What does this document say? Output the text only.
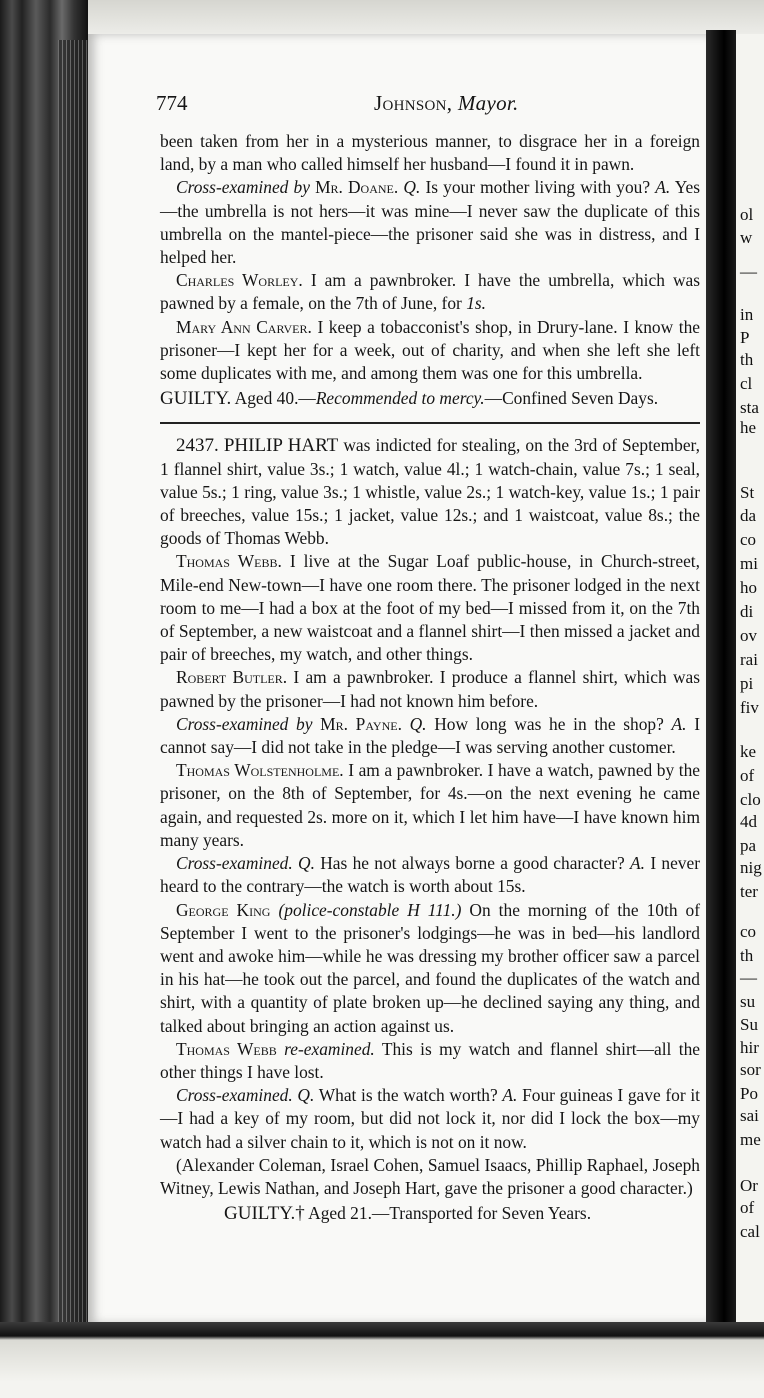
ol
w
—
in
P
th
cl
sta
he
St
da
co
mi
ho
di
ov
rai
pi
fiv
ke
of
clo
4d
pa
nig
ter
co
th
—
su
Su
hir
sor
Po
sai
me
Or
of
cal
774	Johnson, Mayor.

been taken from her in a mysterious manner, to disgrace her in a foreign land, by a man who called himself her husband—I found it in pawn.

Cross-examined by Mr. Doane. Q. Is your mother living with you? A. Yes—the umbrella is not hers—it was mine—I never saw the duplicate of this umbrella on the mantel-piece—the prisoner said she was in distress, and I helped her.

Charles Worley. I am a pawnbroker. I have the umbrella, which was pawned by a female, on the 7th of June, for 1s.

Mary Ann Carver. I keep a tobacconist's shop, in Drury-lane. I know the prisoner—I kept her for a week, out of charity, and when she left she left some duplicates with me, and among them was one for this umbrella.

GUILTY. Aged 40.—Recommended to mercy.—Confined Seven Days.

2437. PHILIP HART was indicted for stealing, on the 3rd of September, 1 flannel shirt, value 3s.; 1 watch, value 4l.; 1 watch-chain, value 7s.; 1 seal, value 5s.; 1 ring, value 3s.; 1 whistle, value 2s.; 1 watch-key, value 1s.; 1 pair of breeches, value 15s.; 1 jacket, value 12s.; and 1 waistcoat, value 8s.; the goods of Thomas Webb.

Thomas Webb. I live at the Sugar Loaf public-house, in Church-street, Mile-end New-town—I have one room there. The prisoner lodged in the next room to me—I had a box at the foot of my bed—I missed from it, on the 7th of September, a new waistcoat and a flannel shirt—I then missed a jacket and pair of breeches, my watch, and other things.

Robert Butler. I am a pawnbroker. I produce a flannel shirt, which was pawned by the prisoner—I had not known him before.

Cross-examined by Mr. Payne. Q. How long was he in the shop? A. I cannot say—I did not take in the pledge—I was serving another customer.

Thomas Wolstenholme. I am a pawnbroker. I have a watch, pawned by the prisoner, on the 8th of September, for 4s.—on the next evening he came again, and requested 2s. more on it, which I let him have—I have known him many years.

Cross-examined. Q. Has he not always borne a good character? A. I never heard to the contrary—the watch is worth about 15s.

George King (police-constable H 111.) On the morning of the 10th of September I went to the prisoner's lodgings—he was in bed—his landlord went and awoke him—while he was dressing my brother officer saw a parcel in his hat—he took out the parcel, and found the duplicates of the watch and shirt, with a quantity of plate broken up—he declined saying any thing, and talked about bringing an action against us.

Thomas Webb re-examined. This is my watch and flannel shirt—all the other things I have lost.

Cross-examined. Q. What is the watch worth? A. Four guineas I gave for it—I had a key of my room, but did not lock it, nor did I lock the box—my watch had a silver chain to it, which is not on it now.

(Alexander Coleman, Israel Cohen, Samuel Isaacs, Phillip Raphael, Joseph Witney, Lewis Nathan, and Joseph Hart, gave the prisoner a good character.)

GUILTY.† Aged 21.—Transported for Seven Years.
